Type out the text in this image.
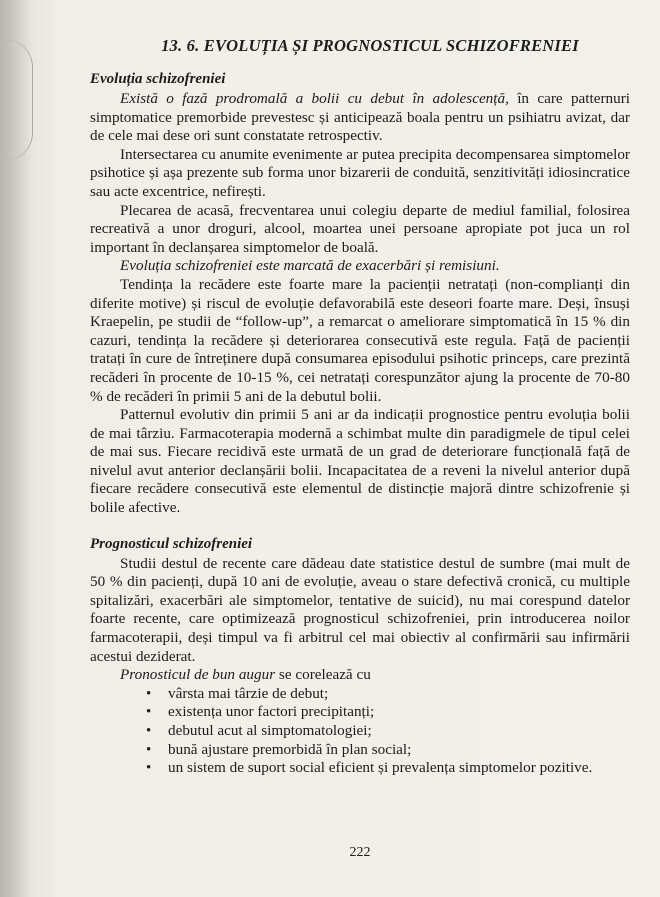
13. 6. EVOLUȚIA ȘI PROGNOSTICUL SCHIZOFRENIEI
Evoluția schizofreniei

Există o fază prodromală a bolii cu debut în adolescență, în care patternuri simptomatice premorbide prevestesc și anticipează boala pentru un psihiatru avizat, dar de cele mai dese ori sunt constatate retrospectiv.

Intersectarea cu anumite evenimente ar putea precipita decompensarea simptomelor psihotice și așa prezente sub forma unor bizarerii de conduită, senzitivități idiosincratice sau acte excentrice, nefirești.

Plecarea de acasă, frecventarea unui colegiu departe de mediul familial, folosirea recreativă a unor droguri, alcool, moartea unei persoane apropiate pot juca un rol important în declanșarea simptomelor de boală.

Evoluția schizofreniei este marcată de exacerbări și remisiuni.

Tendința la recădere este foarte mare la pacienții netratați (non-complianți din diferite motive) și riscul de evoluție defavorabilă este deseori foarte mare. Deși, însuși Kraepelin, pe studii de “follow-up”, a remarcat o ameliorare simptomatică în 15 % din cazuri, tendința la recădere și deteriorarea consecutivă este regula. Față de pacienții tratați în cure de întreținere după consumarea episodului psihotic princeps, care prezintă recăderi în procente de 10-15 %, cei netratați corespunzător ajung la procente de 70-80 % de recăderi în primii 5 ani de la debutul bolii.

Patternul evolutiv din primii 5 ani ar da indicații prognostice pentru evoluția bolii de mai târziu. Farmacoterapia modernă a schimbat multe din paradigmele de tipul celei de mai sus. Fiecare recidivă este urmată de un grad de deteriorare funcțională față de nivelul avut anterior declanșării bolii. Incapacitatea de a reveni la nivelul anterior după fiecare recădere consecutivă este elementul de distincție majoră dintre schizofrenie și bolile afective.

Prognosticul schizofreniei

Studii destul de recente care dădeau date statistice destul de sumbre (mai mult de 50 % din pacienți, după 10 ani de evoluție, aveau o stare defectivă cronică, cu multiple spitalizări, exacerbări ale simptomelor, tentative de suicid), nu mai corespund datelor foarte recente, care optimizează prognosticul schizofreniei, prin introducerea noilor farmacoterapii, deși timpul va fi arbitrul cel mai obiectiv al confirmării sau infirmării acestui deziderat.

Pronosticul de bun augur se corelează cu

• vârsta mai târzie de debut;
• existența unor factori precipitanți;
• debutul acut al simptomatologiei;
• bună ajustare premorbidă în plan social;
• un sistem de suport social eficient și prevalența simptomelor pozitive.
222
